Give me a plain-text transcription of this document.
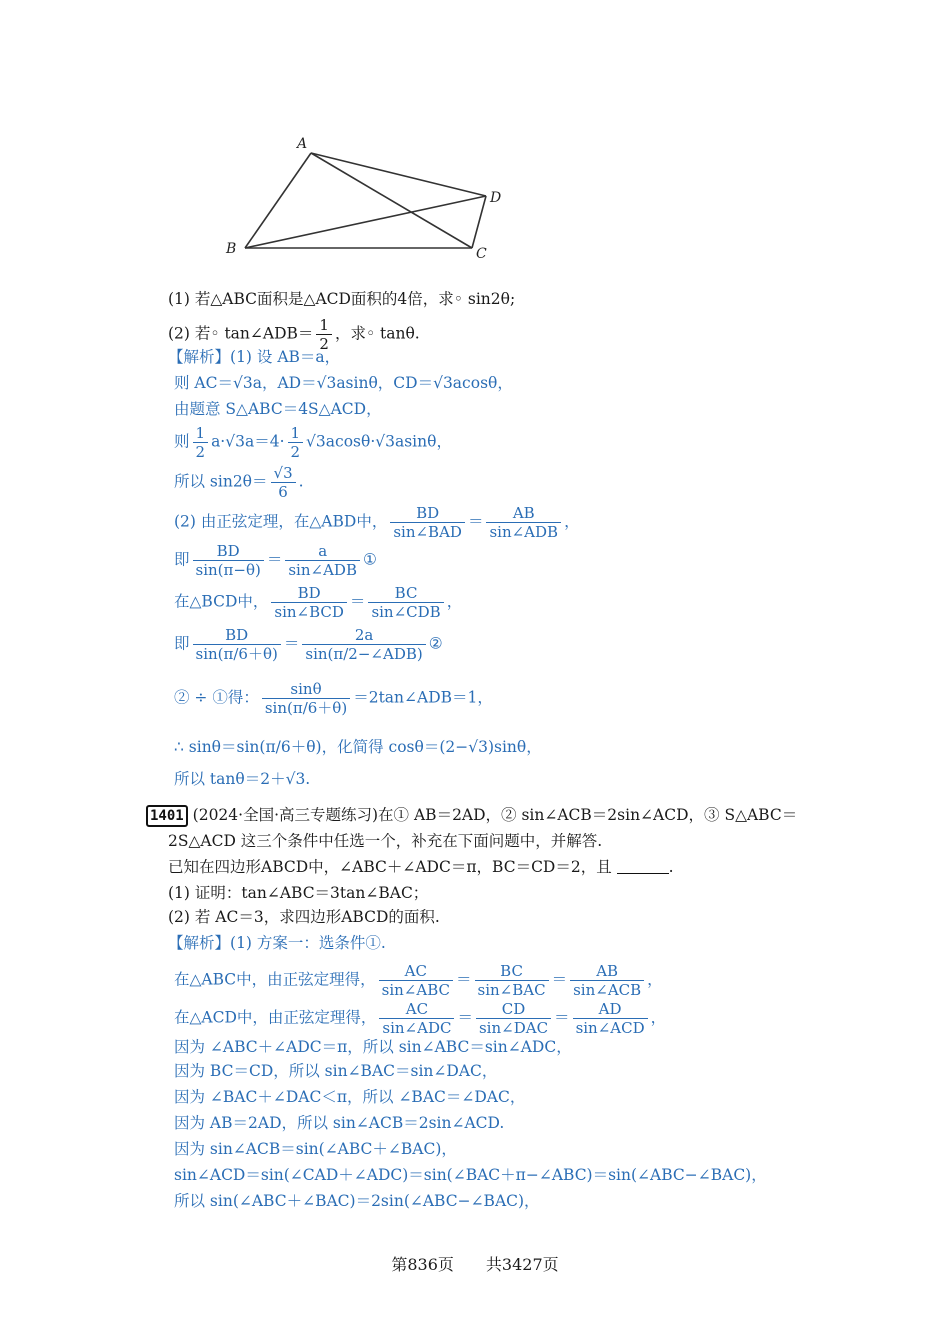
A
B	C
D
(1) 若△ABC面积是△ACD面积的4倍，求◦ sin2θ;
(2) 若◦ tan∠ADB＝ $\frac{1}{2}$ ，求◦ tanθ.
【解析】(1) 设 AB＝a，
则 AC＝√3a，AD＝√3asinθ，CD＝√3acosθ，
由题意 S△ABC＝4S△ACD，
则 $\frac{1}{2} a\cdot√3a=4\cdot \frac{1}{2} √3acos\theta\cdot√3asin\theta$，
所以 $\sin 2\theta= \frac{√3}{6}$ .
(2) 由正弦定理，在△ABD中， $\frac{BD}{\text{sin∠BAD}} = \frac{AB}{\text{sin∠ADB}}$ ，
即 $\frac{BD}{\sin(\pi-\theta)} = \frac{a}{\text{sin∠ADB}}$ ①
在△BCD中， $\frac{BD}{\text{sin∠BCD}} = \frac{BC}{\text{sin∠CDB}}$ ，
即 $\frac{BD}{\sin(\pi/6+\theta)} = \frac{2a}{\text{sin(π/2−∠ADB)}}$ ②
② ÷ ①得： $\frac{\sin\theta}{\sin(\pi/6+\theta)}$ ＝2tan∠ADB＝1，
∴ sinθ＝sin(π/6＋θ)，化简得 cosθ＝(2−√3)sinθ，
所以 tanθ＝2＋√3.
1401 (2024·全国·高三专题练习)在① AB＝2AD，② sin∠ACB＝2sin∠ACD，③ S△ABC＝
2S△ACD 这三个条件中任选一个，补充在下面问题中，并解答.
已知在四边形ABCD中，∠ABC＋∠ADC＝π，BC＝CD＝2，且	.
(1) 证明：tan∠ABC＝3tan∠BAC；
(2) 若 AC＝3，求四边形ABCD的面积.
【解析】(1) 方案一：选条件①.
在△ABC中，由正弦定理得， $\frac{AC}{\text{sin∠ABC}} = \frac{BC}{\text{sin∠BAC}} = \frac{AB}{\text{sin∠ACB}}$ ，
在△ACD中，由正弦定理得， $\frac{AC}{\text{sin∠ADC}} = \frac{CD}{\text{sin∠DAC}} = \frac{AD}{\text{sin∠ACD}}$ ，
因为 ∠ABC＋∠ADC＝π，所以 sin∠ABC＝sin∠ADC，
因为 BC＝CD，所以 sin∠BAC＝sin∠DAC，
因为 ∠BAC＋∠DAC＜π，所以 ∠BAC＝∠DAC，
因为 AB＝2AD，所以 sin∠ACB＝2sin∠ACD.
因为 sin∠ACB＝sin(∠ABC＋∠BAC)，
sin∠ACD＝sin(∠CAD＋∠ADC)＝sin(∠BAC＋π−∠ABC)＝sin(∠ABC−∠BAC)，
所以 sin(∠ABC＋∠BAC)＝2sin(∠ABC−∠BAC)，
第836页　　共3427页
